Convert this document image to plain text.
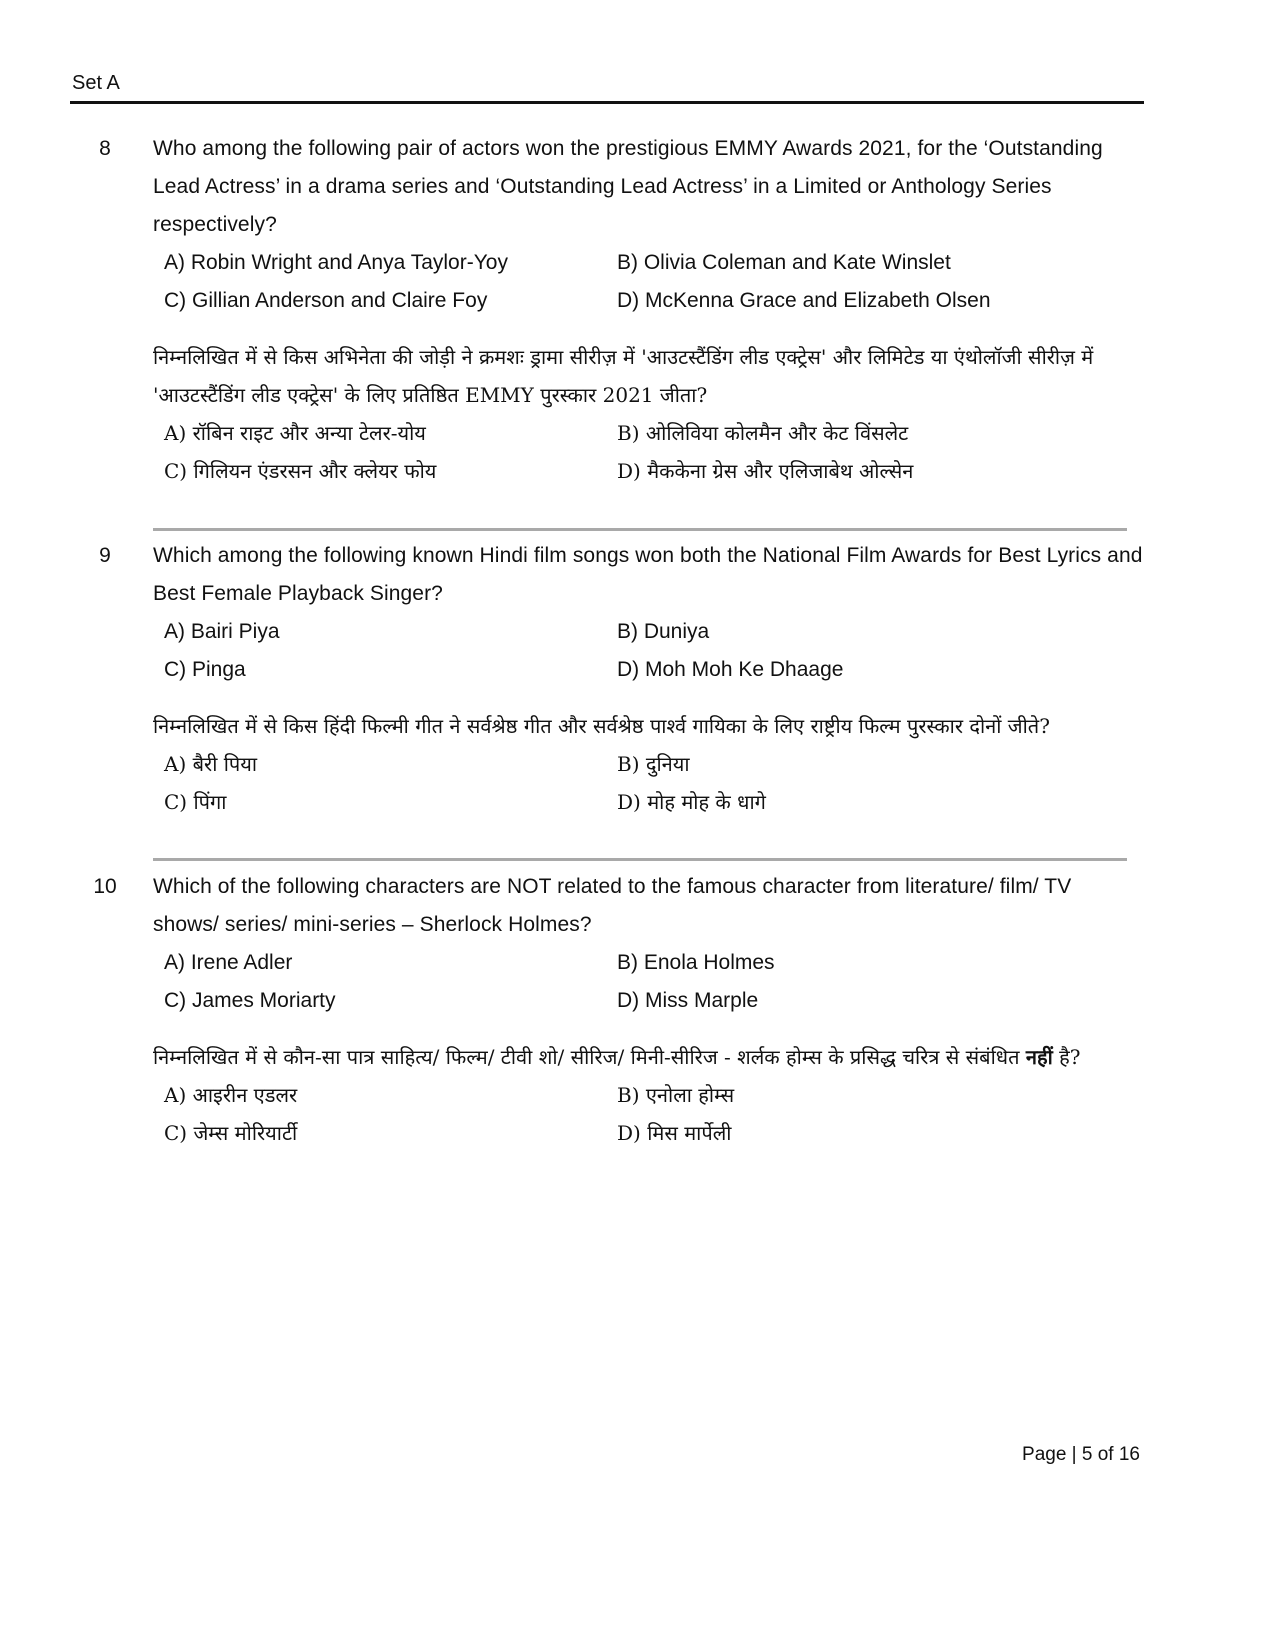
Set A
8	Who among the following pair of actors won the prestigious EMMY Awards 2021, for the ‘Outstanding Lead Actress’ in a drama series and ‘Outstanding Lead Actress’ in a Limited or Anthology Series respectively?
A) Robin Wright and Anya Taylor-Yoy	B) Olivia Coleman and Kate Winslet
C) Gillian Anderson and Claire Foy	D) McKenna Grace and Elizabeth Olsen
निम्नलिखित में से किस अभिनेता की जोड़ी ने क्रमशः ड्रामा सीरीज़ में 'आउटस्टैंडिंग लीड एक्ट्रेस' और लिमिटेड या एंथोलॉजी सीरीज़ में 'आउटस्टैंडिंग लीड एक्ट्रेस' के लिए प्रतिष्ठित EMMY पुरस्कार 2021 जीता?
A) रॉबिन राइट और अन्या टेलर-योय	B) ओलिविया कोलमैन और केट विंसलेट
C) गिलियन एंडरसन और क्लेयर फोय	D) मैककेना ग्रेस और एलिजाबेथ ओल्सेन
9	Which among the following known Hindi film songs won both the National Film Awards for Best Lyrics and Best Female Playback Singer?
A) Bairi Piya	B) Duniya
C) Pinga	D) Moh Moh Ke Dhaage
निम्नलिखित में से किस हिंदी फिल्मी गीत ने सर्वश्रेष्ठ गीत और सर्वश्रेष्ठ पार्श्व गायिका के लिए राष्ट्रीय फिल्म पुरस्कार दोनों जीते?
A) बैरी पिया	B) दुनिया
C) पिंगा	D) मोह मोह के धागे
10	Which of the following characters are NOT related to the famous character from literature/ film/ TV shows/ series/ mini-series – Sherlock Holmes?
A) Irene Adler	B) Enola Holmes
C) James Moriarty	D) Miss Marple
निम्नलिखित में से कौन-सा पात्र साहित्य/ फिल्म/ टीवी शो/ सीरिज/ मिनी-सीरिज - शर्लक होम्स के प्रसिद्ध चरित्र से संबंधित नहीं है?
A) आइरीन एडलर	B) एनोला होम्स
C) जेम्स मोरियार्टी	D) मिस मार्पेली
Page | 5 of 16
